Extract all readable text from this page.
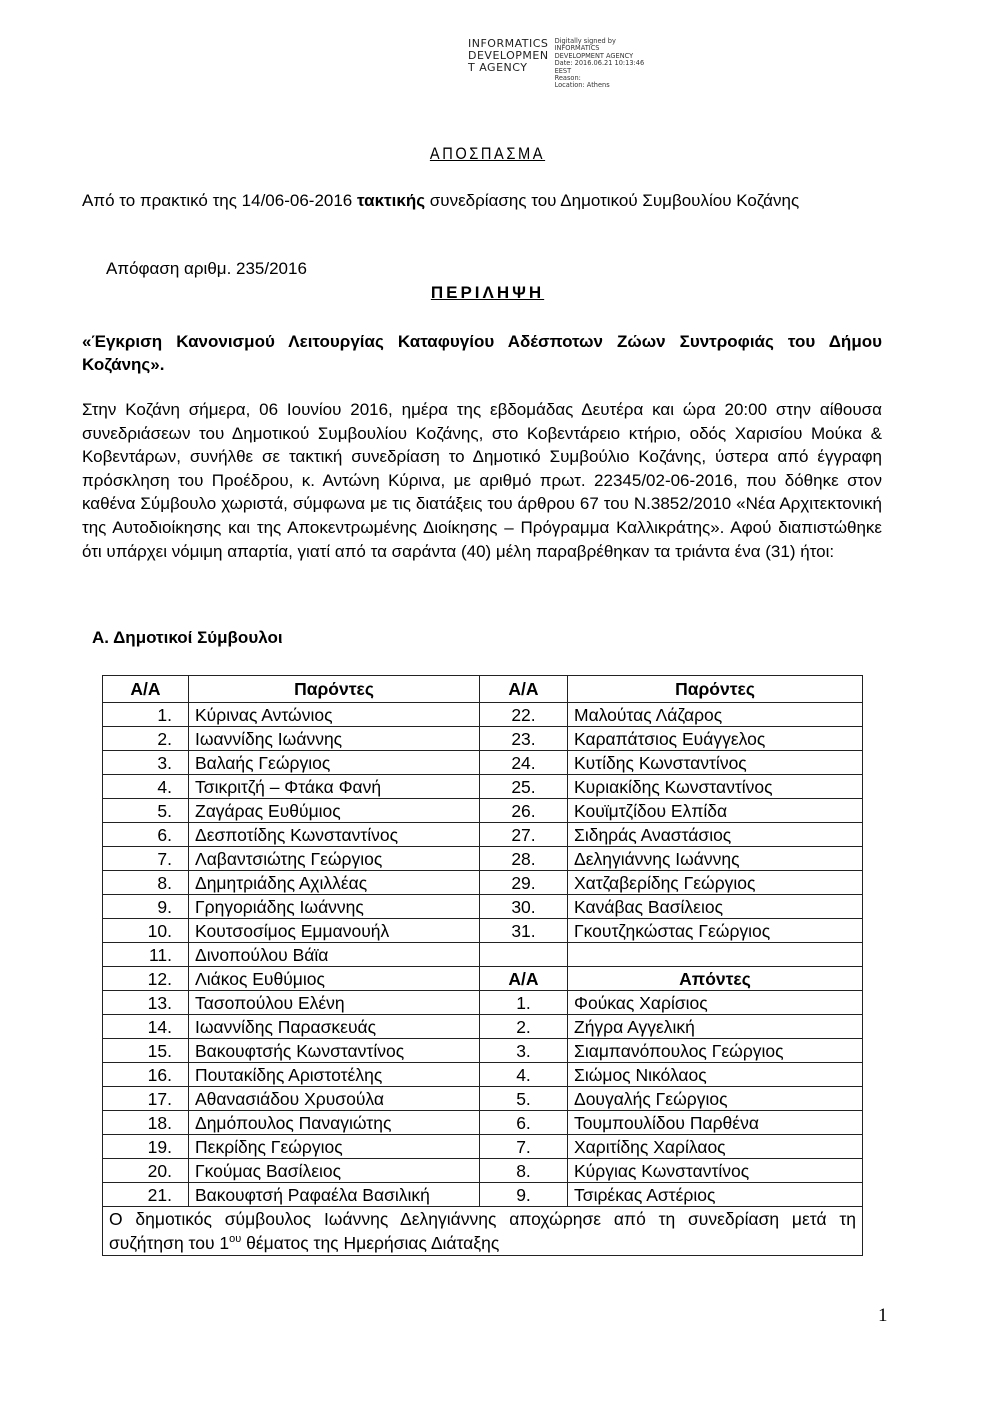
INFORMATICS
DEVELOPMEN
T AGENCY
Digitally signed by
INFORMATICS
DEVELOPMENT AGENCY
Date: 2016.06.21 10:13:46
EEST
Reason:
Location: Athens
ΑΠΟΣΠΑΣΜΑ
Από το πρακτικό της 14/06-06-2016 τακτικής συνεδρίασης του Δημοτικού Συμβουλίου Κοζάνης
Απόφαση αριθμ. 235/2016
ΠΕΡΙΛΗΨΗ
«Έγκριση Κανονισμού Λειτουργίας Καταφυγίου Αδέσποτων Ζώων Συντροφιάς του Δήμου Κοζάνης».
Στην Κοζάνη σήμερα, 06 Ιουνίου 2016, ημέρα της εβδομάδας Δευτέρα και ώρα 20:00 στην αίθουσα συνεδριάσεων του Δημοτικού Συμβουλίου Κοζάνης, στο Κοβεντάρειο κτήριο, οδός Χαρισίου Μούκα & Κοβεντάρων, συνήλθε σε τακτική συνεδρίαση το Δημοτικό Συμβούλιο Κοζάνης, ύστερα από έγγραφη πρόσκληση του Προέδρου, κ. Αντώνη Κύρινα, με αριθμό πρωτ. 22345/02-06-2016, που δόθηκε στον καθένα Σύμβουλο χωριστά, σύμφωνα με τις διατάξεις του άρθρου 67 του Ν.3852/2010 «Νέα Αρχιτεκτονική της Αυτοδιοίκησης και της Αποκεντρωμένης Διοίκησης – Πρόγραμμα Καλλικράτης». Αφού διαπιστώθηκε ότι υπάρχει νόμιμη απαρτία, γιατί από τα σαράντα (40) μέλη παραβρέθηκαν τα τριάντα ένα (31) ήτοι:
Α. Δημοτικοί Σύμβουλοι
Α/Α	Παρόντες	Α/Α	Παρόντες
1.	Κύρινας Αντώνιος	22.	Μαλούτας Λάζαρος
2.	Ιωαννίδης Ιωάννης	23.	Καραπάτσιος Ευάγγελος
3.	Βαλαής Γεώργιος	24.	Κυτίδης Κωνσταντίνος
4.	Τσικριτζή – Φτάκα Φανή	25.	Κυριακίδης Κωνσταντίνος
5.	Ζαγάρας Ευθύμιος	26.	Κουϊμτζίδου Ελπίδα
6.	Δεσποτίδης Κωνσταντίνος	27.	Σιδηράς Αναστάσιος
7.	Λαβαντσιώτης Γεώργιος	28.	Δεληγιάννης Ιωάννης
8.	Δημητριάδης Αχιλλέας	29.	Χατζαβερίδης Γεώργιος
9.	Γρηγοριάδης Ιωάννης	30.	Κανάβας Βασίλειος
10.	Κουτσοσίμος Εμμανουήλ	31.	Γκουτζηκώστας Γεώργιος
11.	Δινοπούλου Βάϊα		
12.	Λιάκος Ευθύμιος	Α/Α	Απόντες
13.	Τασοπούλου Ελένη	1.	Φούκας Χαρίσιος
14.	Ιωαννίδης Παρασκευάς	2.	Ζήγρα Αγγελική
15.	Βακουφτσής Κωνσταντίνος	3.	Σιαμπανόπουλος Γεώργιος
16.	Πουτακίδης Αριστοτέλης	4.	Σιώμος Νικόλαος
17.	Αθανασιάδου Χρυσούλα	5.	Δουγαλής Γεώργιος
18.	Δημόπουλος Παναγιώτης	6.	Τουμπουλίδου Παρθένα
19.	Πεκρίδης Γεώργιος	7.	Χαριτίδης Χαρίλαος
20.	Γκούμας Βασίλειος	8.	Κύργιας Κωνσταντίνος
21.	Βακουφτσή Ραφαέλα Βασιλική	9.	Τσιρέκας Αστέριος
Ο δημοτικός σύμβουλος Ιωάννης Δεληγιάννης αποχώρησε από τη συνεδρίαση μετά τη συζήτηση του $1^{o\upsilon}$ θέματος της Ημερήσιας Διάταξης			
1
